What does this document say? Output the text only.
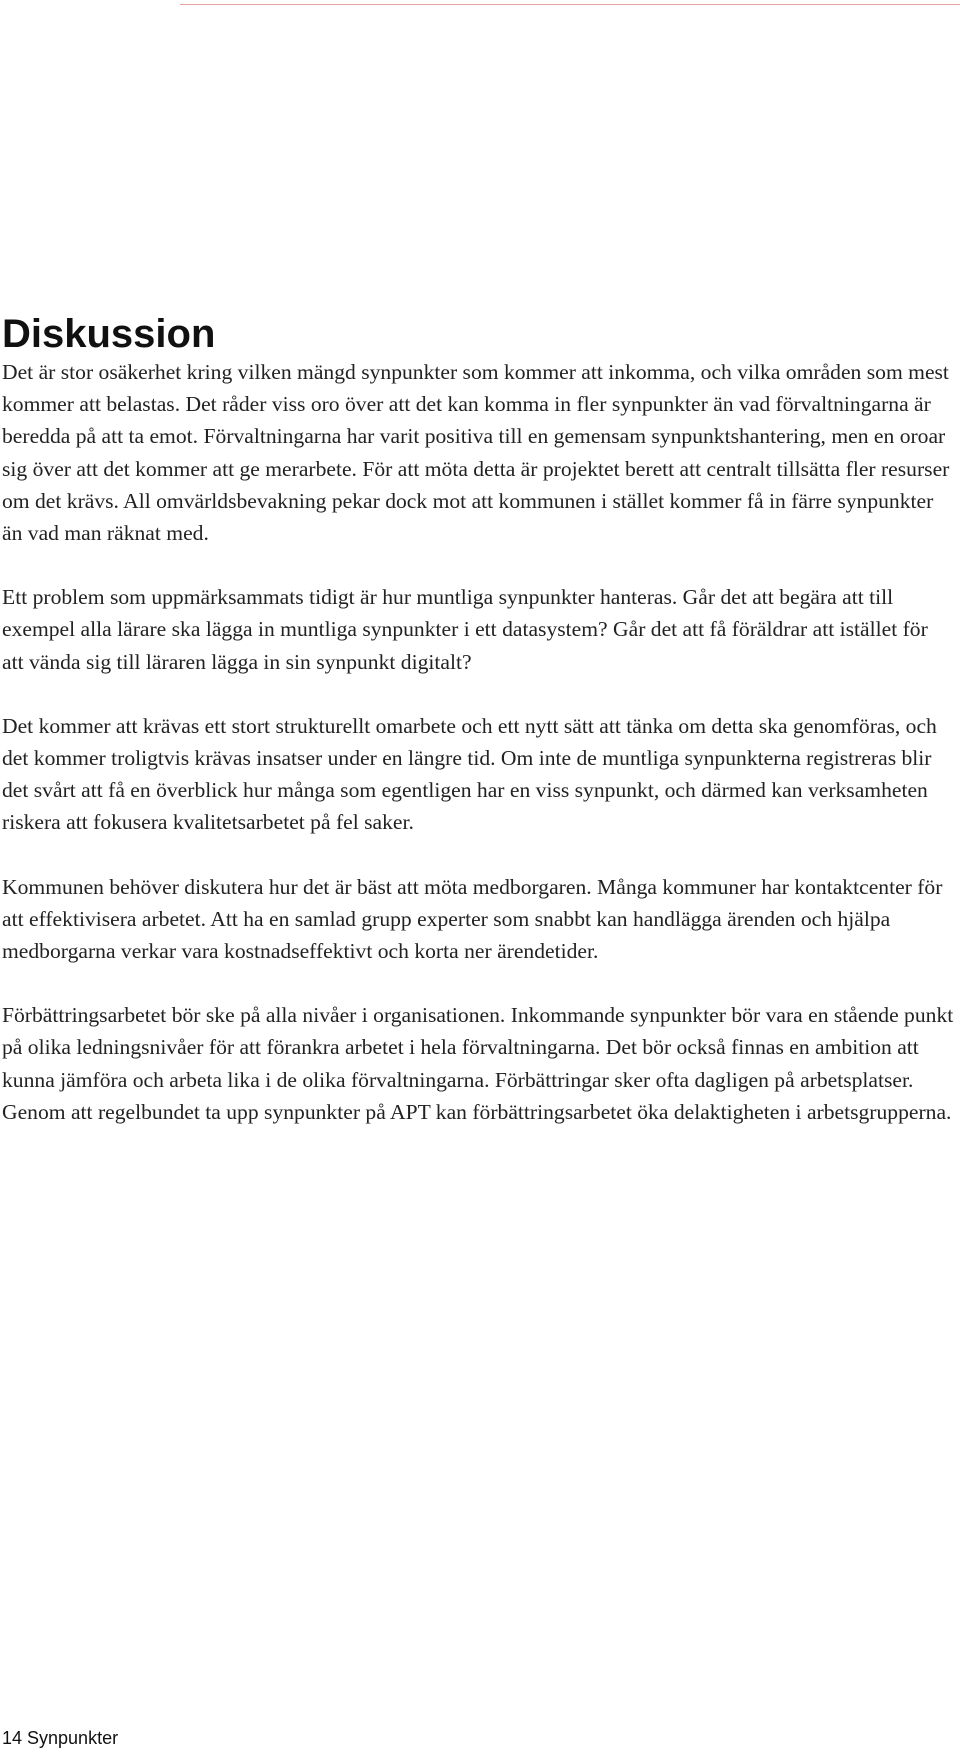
Diskussion

Det är stor osäkerhet kring vilken mängd synpunkter som kommer att inkomma, och vilka områden som mest kommer att belastas. Det råder viss oro över att det kan komma in fler synpunkter än vad förvaltningarna är beredda på att ta emot. Förvaltningarna har varit positiva till en gemensam synpunktshantering, men en oroar sig över att det kommer att ge merarbete. För att möta detta är projektet berett att centralt tillsätta fler resurser om det krävs. All omvärldsbevakning pekar dock mot att kommunen i stället kommer få in färre synpunkter än vad man räknat med.

Ett problem som uppmärksammats tidigt är hur muntliga synpunkter hanteras. Går det att begära att till exempel alla lärare ska lägga in muntliga synpunkter i ett datasystem? Går det att få föräldrar att istället för att vända sig till läraren lägga in sin synpunkt digitalt?

Det kommer att krävas ett stort strukturellt omarbete och ett nytt sätt att tänka om detta ska genomföras, och det kommer troligtvis krävas insatser under en längre tid. Om inte de muntliga synpunkterna registreras blir det svårt att få en överblick hur många som egentligen har en viss synpunkt, och därmed kan verksamheten riskera att fokusera kvalitetsarbetet på fel saker.

Kommunen behöver diskutera hur det är bäst att möta medborgaren. Många kommuner har kontaktcenter för att effektivisera arbetet. Att ha en samlad grupp experter som snabbt kan handlägga ärenden och hjälpa medborgarna verkar vara kostnadseffektivt och korta ner ärendetider.

Förbättringsarbetet bör ske på alla nivåer i organisationen. Inkommande synpunkter bör vara en stående punkt på olika ledningsnivåer för att förankra arbetet i hela förvaltningarna. Det bör också finnas en ambition att kunna jämföra och arbeta lika i de olika förvaltningarna. Förbättringar sker ofta dagligen på arbetsplatser. Genom att regelbundet ta upp synpunkter på APT kan förbättringsarbetet öka delaktigheten i arbetsgrupperna.

14 Synpunkter
